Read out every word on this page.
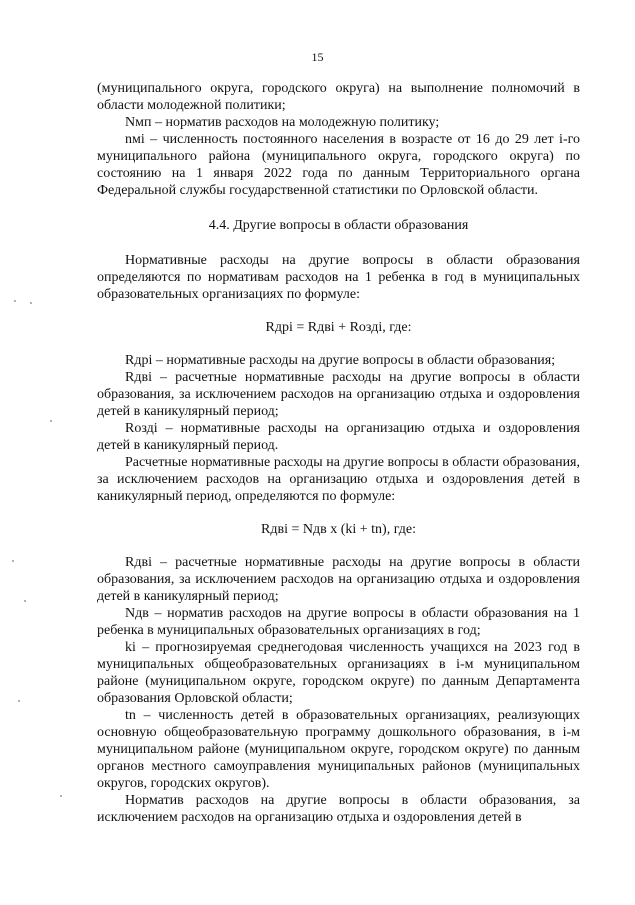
15

(муниципального округа, городского округа) на выполнение полномочий в области молодежной политики;

Nмп – норматив расходов на молодежную политику;

nмi – численность постоянного населения в возрасте от 16 до 29 лет i-го муниципального района (муниципального округа, городского округа) по состоянию на 1 января 2022 года по данным Территориального органа Федеральной службы государственной статистики по Орловской области.

4.4. Другие вопросы в области образования

Нормативные расходы на другие вопросы в области образования определяются по нормативам расходов на 1 ребенка в год в муниципальных образовательных организациях по формуле:

Rдрi = Rдвi + Rоздi, где:

Rдрi – нормативные расходы на другие вопросы в области образования;

Rдвi – расчетные нормативные расходы на другие вопросы в области образования, за исключением расходов на организацию отдыха и оздоровления детей в каникулярный период;

Rоздi – нормативные расходы на организацию отдыха и оздоровления детей в каникулярный период.

Расчетные нормативные расходы на другие вопросы в области образования, за исключением расходов на организацию отдыха и оздоровления детей в каникулярный период, определяются по формуле:

Rдвi = Nдв x (ki + tn), где:

Rдвi – расчетные нормативные расходы на другие вопросы в области образования, за исключением расходов на организацию отдыха и оздоровления детей в каникулярный период;

Nдв – норматив расходов на другие вопросы в области образования на 1 ребенка в муниципальных образовательных организациях в год;

ki – прогнозируемая среднегодовая численность учащихся на 2023 год в муниципальных общеобразовательных организациях в i-м муниципальном районе (муниципальном округе, городском округе) по данным Департамента образования Орловской области;

tn – численность детей в образовательных организациях, реализующих основную общеобразовательную программу дошкольного образования, в i-м муниципальном районе (муниципальном округе, городском округе) по данным органов местного самоуправления муниципальных районов (муниципальных округов, городских округов).

Норматив расходов на другие вопросы в области образования, за исключением расходов на организацию отдыха и оздоровления детей в
